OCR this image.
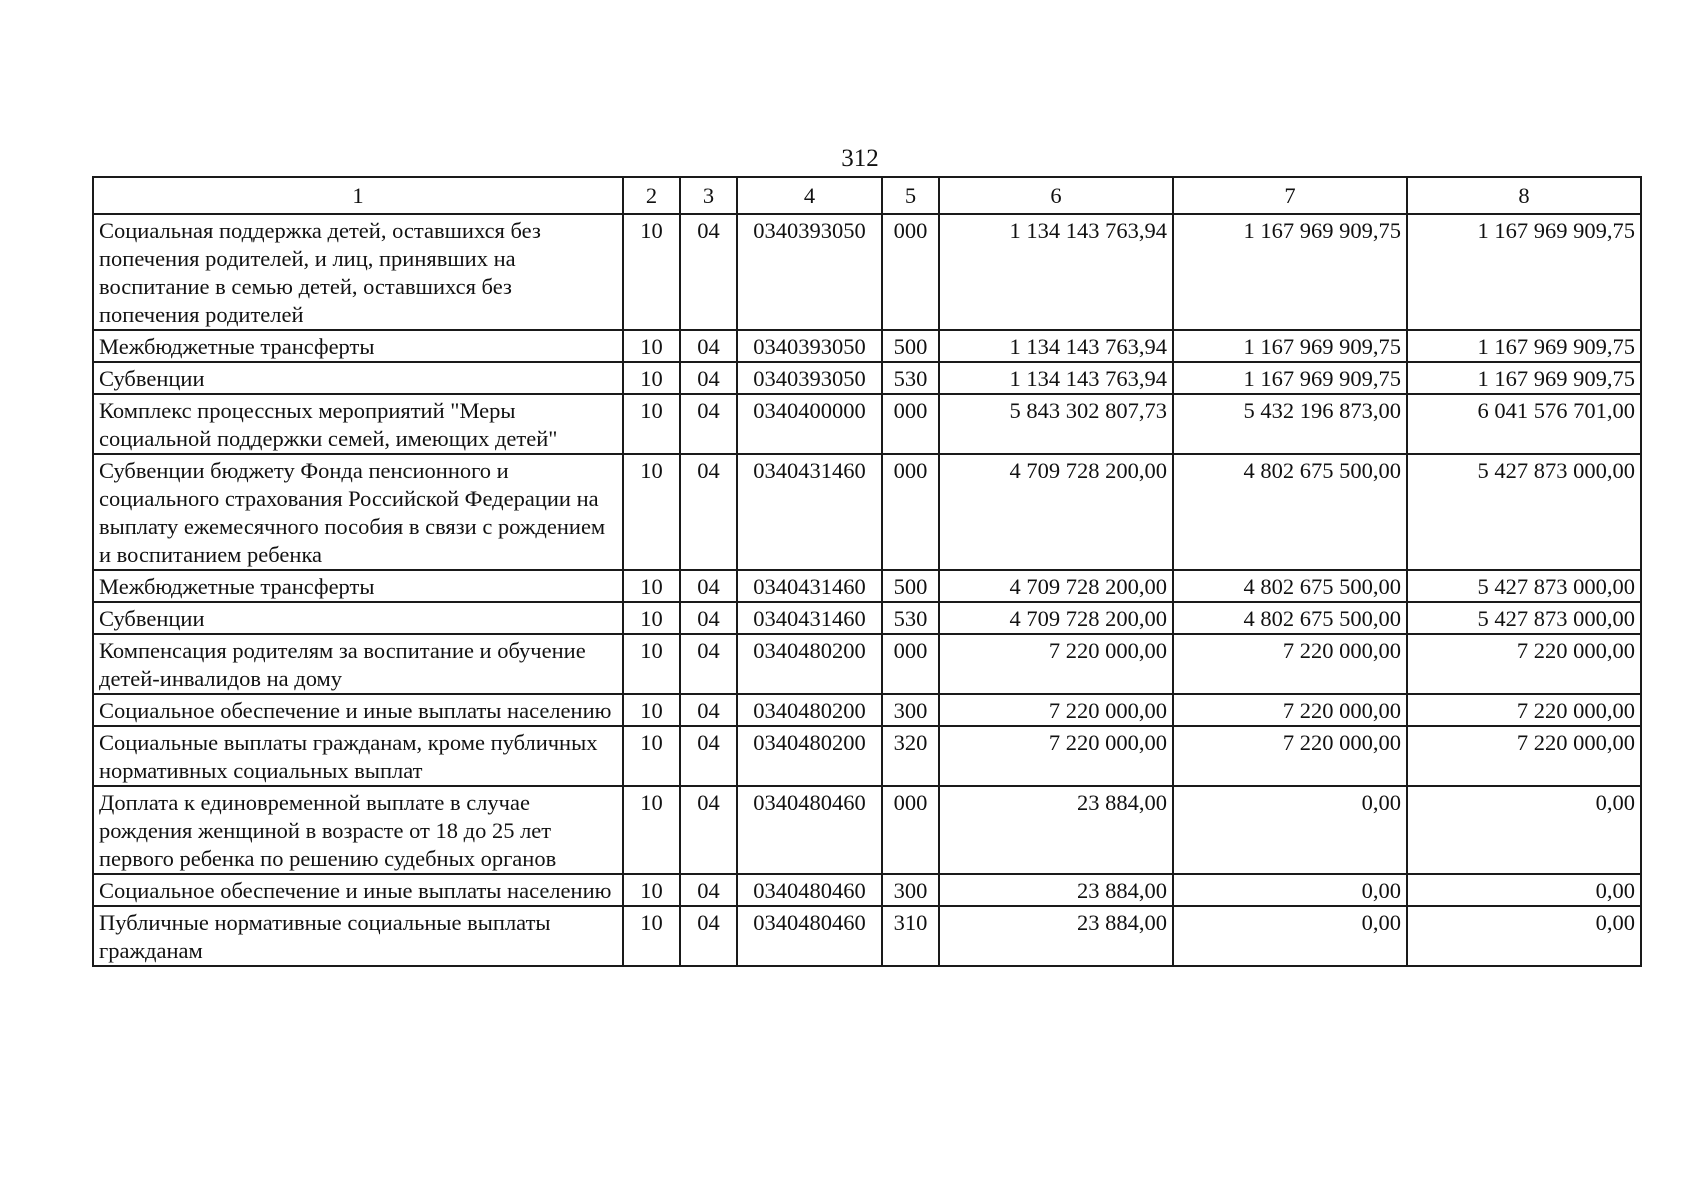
312
1	2	3	4	5	6	7	8
Социальная поддержка детей, оставшихся без попечения родителей, и лиц, принявших на воспитание в семью детей, оставшихся без попечения родителей	10	04	0340393050	000	1 134 143 763,94	1 167 969 909,75	1 167 969 909,75
Межбюджетные трансферты	10	04	0340393050	500	1 134 143 763,94	1 167 969 909,75	1 167 969 909,75
Субвенции	10	04	0340393050	530	1 134 143 763,94	1 167 969 909,75	1 167 969 909,75
Комплекс процессных мероприятий "Меры социальной поддержки семей, имеющих детей"	10	04	0340400000	000	5 843 302 807,73	5 432 196 873,00	6 041 576 701,00
Субвенции бюджету Фонда пенсионного и социального страхования Российской Федерации на выплату ежемесячного пособия в связи с рождением и воспитанием ребенка	10	04	0340431460	000	4 709 728 200,00	4 802 675 500,00	5 427 873 000,00
Межбюджетные трансферты	10	04	0340431460	500	4 709 728 200,00	4 802 675 500,00	5 427 873 000,00
Субвенции	10	04	0340431460	530	4 709 728 200,00	4 802 675 500,00	5 427 873 000,00
Компенсация родителям за воспитание и обучение детей-инвалидов на дому	10	04	0340480200	000	7 220 000,00	7 220 000,00	7 220 000,00
Социальное обеспечение и иные выплаты населению	10	04	0340480200	300	7 220 000,00	7 220 000,00	7 220 000,00
Социальные выплаты гражданам, кроме публичных нормативных социальных выплат	10	04	0340480200	320	7 220 000,00	7 220 000,00	7 220 000,00
Доплата к единовременной выплате в случае рождения женщиной в возрасте от 18 до 25 лет первого ребенка по решению судебных органов	10	04	0340480460	000	23 884,00	0,00	0,00
Социальное обеспечение и иные выплаты населению	10	04	0340480460	300	23 884,00	0,00	0,00
Публичные нормативные социальные выплаты гражданам	10	04	0340480460	310	23 884,00	0,00	0,00
